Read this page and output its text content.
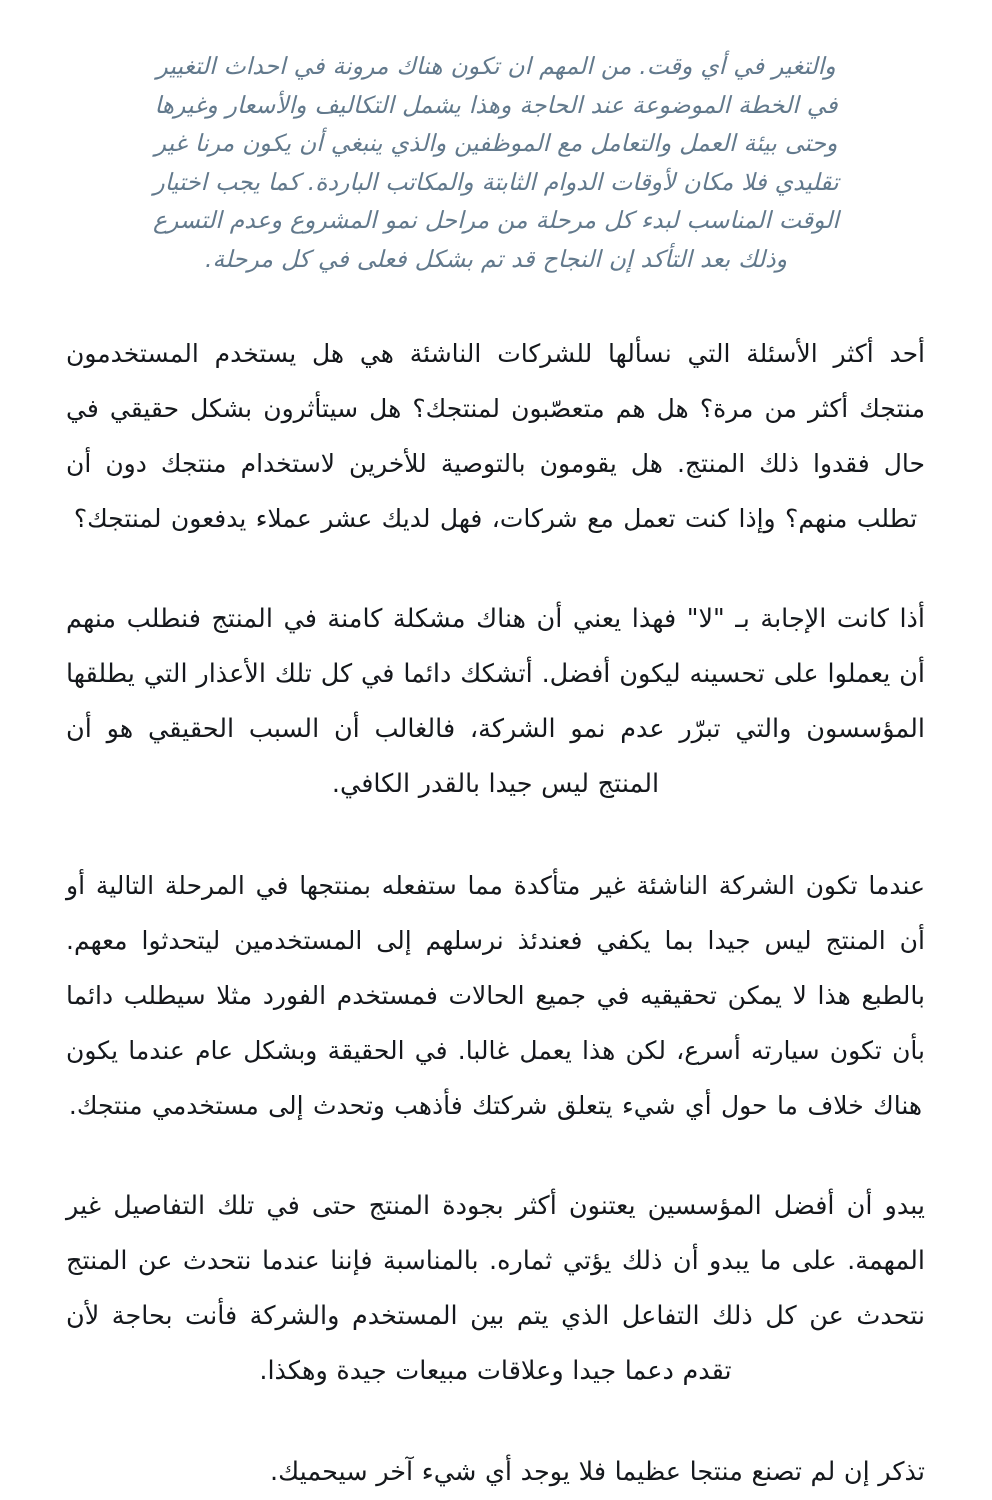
والتغير في أي وقت. من المهم ان تكون هناك مرونة في احداث التغيير في الخطة الموضوعة عند الحاجة وهذا يشمل التكاليف والأسعار وغيرها وحتى بيئة العمل والتعامل مع الموظفين والذي ينبغي أن يكون مرنا غير تقليدي فلا مكان لأوقات الدوام الثابتة والمكاتب الباردة. كما يجب اختيار الوقت المناسب لبدء كل مرحلة من مراحل نمو المشروع وعدم التسرع وذلك بعد التأكد إن النجاح قد تم بشكل فعلى في كل مرحلة.

أحد أكثر الأسئلة التي نسألها للشركات الناشئة هي هل يستخدم المستخدمون منتجك أكثر من مرة؟ هل هم متعصّبون لمنتجك؟ هل سيتأثرون بشكل حقيقي في حال فقدوا ذلك المنتج. هل يقومون بالتوصية للأخرين لاستخدام منتجك دون أن تطلب منهم؟ وإذا كنت تعمل مع شركات، فهل لديك عشر عملاء يدفعون لمنتجك؟

أذا كانت الإجابة بـ "لا" فهذا يعني أن هناك مشكلة كامنة في المنتج فنطلب منهم أن يعملوا على تحسينه ليكون أفضل. أتشكك دائما في كل تلك الأعذار التي يطلقها المؤسسون والتي تبرّر عدم نمو الشركة، فالغالب أن السبب الحقيقي هو أن المنتج ليس جيدا بالقدر الكافي.

عندما تكون الشركة الناشئة غير متأكدة مما ستفعله بمنتجها في المرحلة التالية أو أن المنتج ليس جيدا بما يكفي فعندئذ نرسلهم إلى المستخدمين ليتحدثوا معهم. بالطبع هذا لا يمكن تحقيقيه في جميع الحالات فمستخدم الفورد مثلا سيطلب دائما بأن تكون سيارته أسرع، لكن هذا يعمل غالبا. في الحقيقة وبشكل عام عندما يكون هناك خلاف ما حول أي شيء يتعلق شركتك فأذهب وتحدث إلى مستخدمي منتجك.

يبدو أن أفضل المؤسسين يعتنون أكثر بجودة المنتج حتى في تلك التفاصيل غير المهمة. على ما يبدو أن ذلك يؤتي ثماره. بالمناسبة فإننا عندما نتحدث عن المنتج نتحدث عن كل ذلك التفاعل الذي يتم بين المستخدم والشركة فأنت بحاجة لأن تقدم دعما جيدا وعلاقات مبيعات جيدة وهكذا.

تذكر إن لم تصنع منتجا عظيما فلا يوجد أي شيء آخر سيحميك.
